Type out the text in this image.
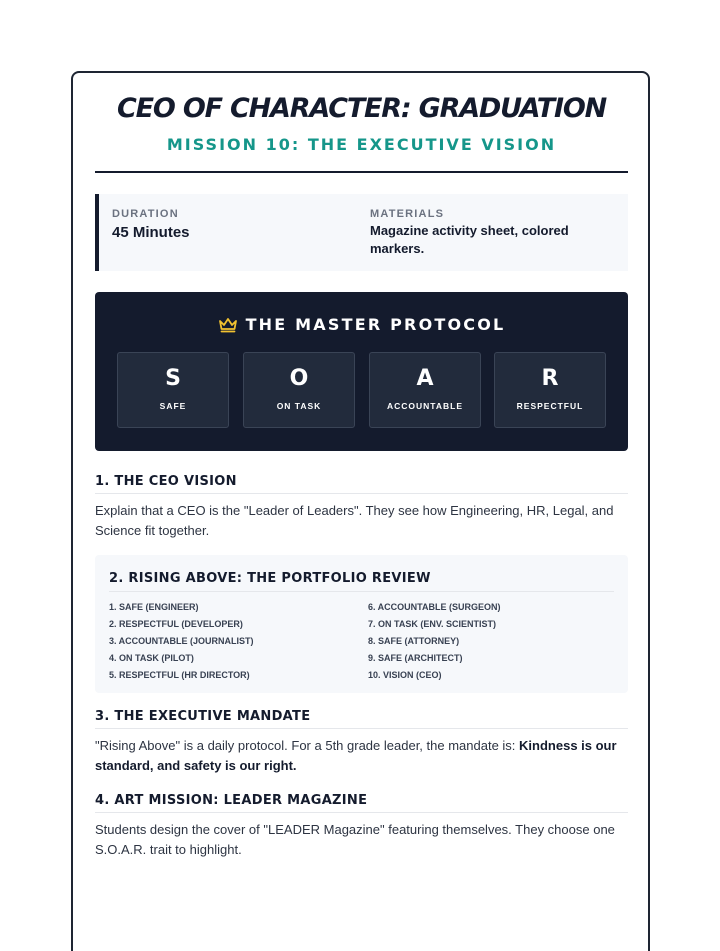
CEO OF CHARACTER: GRADUATION
MISSION 10: THE EXECUTIVE VISION
DURATION
45 Minutes
MATERIALS
Magazine activity sheet, colored markers.
THE MASTER PROTOCOL
S
SAFE
O
ON TASK
A
ACCOUNTABLE
R
RESPECTFUL
1. THE CEO VISION
Explain that a CEO is the "Leader of Leaders". They see how Engineering, HR, Legal, and Science fit together.
2. RISING ABOVE: THE PORTFOLIO REVIEW
1. SAFE (ENGINEER)
2. RESPECTFUL (DEVELOPER)
3. ACCOUNTABLE (JOURNALIST)
4. ON TASK (PILOT)
5. RESPECTFUL (HR DIRECTOR)
6. ACCOUNTABLE (SURGEON)
7. ON TASK (ENV. SCIENTIST)
8. SAFE (ATTORNEY)
9. SAFE (ARCHITECT)
10. VISION (CEO)
3. THE EXECUTIVE MANDATE
"Rising Above" is a daily protocol. For a 5th grade leader, the mandate is: Kindness is our standard, and safety is our right.
4. ART MISSION: LEADER MAGAZINE
Students design the cover of "LEADER Magazine" featuring themselves. They choose one S.O.A.R. trait to highlight.
